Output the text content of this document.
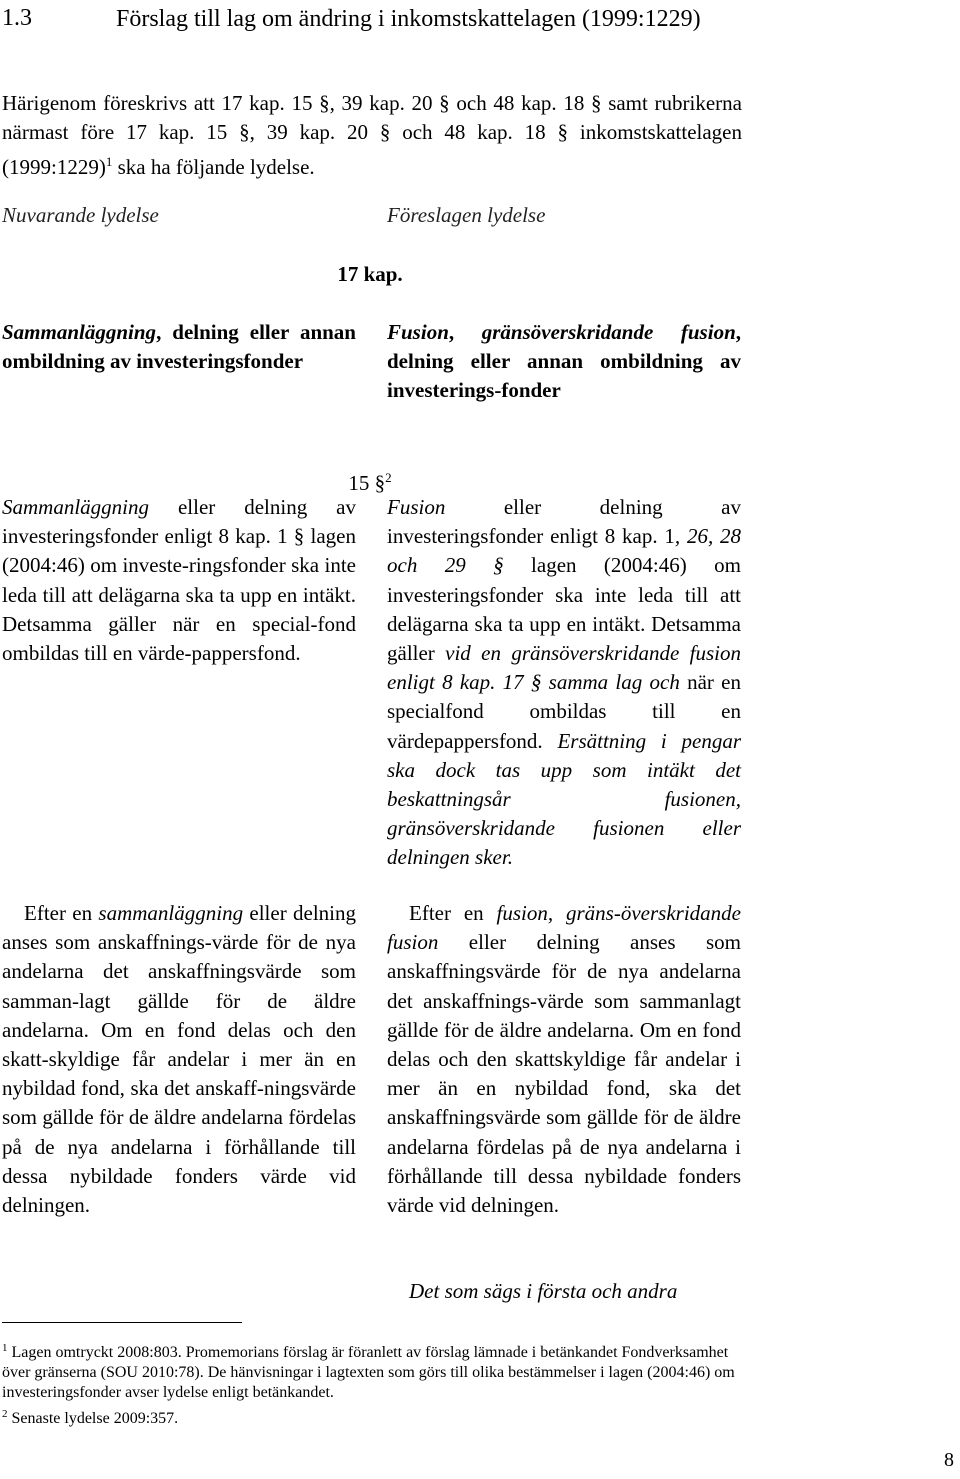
1.3	Förslag till lag om ändring i inkomstskattelagen (1999:1229)

Härigenom föreskrivs att 17 kap. 15 §, 39 kap. 20 § och 48 kap. 18 § samt rubrikerna närmast före 17 kap. 15 §, 39 kap. 20 § och 48 kap. 18 § inkomstskattelagen (1999:1229)$^1$ ska ha följande lydelse.

Nuvarande lydelse	Föreslagen lydelse
17 kap.

Sammanläggning, delning eller annan ombildning av investeringsfonder

Fusion, gränsöverskridande fusion, delning eller annan ombildning av investerings-fonder

15 §$^2$

Sammanläggning eller delning av investeringsfonder enligt 8 kap. 1 § lagen (2004:46) om investe-ringsfonder ska inte leda till att delägarna ska ta upp en intäkt. Detsamma gäller när en special-fond ombildas till en värde-pappersfond.

Fusion eller delning av investeringsfonder enligt 8 kap. 1, 26, 28 och 29 § lagen (2004:46) om investeringsfonder ska inte leda till att delägarna ska ta upp en intäkt. Detsamma gäller vid en gränsöverskridande fusion enligt 8 kap. 17 § samma lag och när en specialfond ombildas till en värdepappersfond. Ersättning i pengar ska dock tas upp som intäkt det beskattningsår fusionen, gränsöverskridande fusionen eller delningen sker.

Efter en sammanläggning eller delning anses som anskaffnings-värde för de nya andelarna det anskaffningsvärde som samman-lagt gällde för de äldre andelarna. Om en fond delas och den skatt-skyldige får andelar i mer än en nybildad fond, ska det anskaff-ningsvärde som gällde för de äldre andelarna fördelas på de nya andelarna i förhållande till dessa nybildade fonders värde vid delningen.

Efter en fusion, gräns-överskridande fusion eller delning anses som anskaffningsvärde för de nya andelarna det anskaffnings-värde som sammanlagt gällde för de äldre andelarna. Om en fond delas och den skattskyldige får andelar i mer än en nybildad fond, ska det anskaffningsvärde som gällde för de äldre andelarna fördelas på de nya andelarna i förhållande till dessa nybildade fonders värde vid delningen.

Det som sägs i första och andra

$^1$ Lagen omtryckt 2008:803. Promemorians förslag är föranlett av förslag lämnade i betänkandet Fondverksamhet över gränserna (SOU 2010:78). De hänvisningar i lagtexten som görs till olika bestämmelser i lagen (2004:46) om investeringsfonder avser lydelse enligt betänkandet.

$^2$ Senaste lydelse 2009:357.

8
